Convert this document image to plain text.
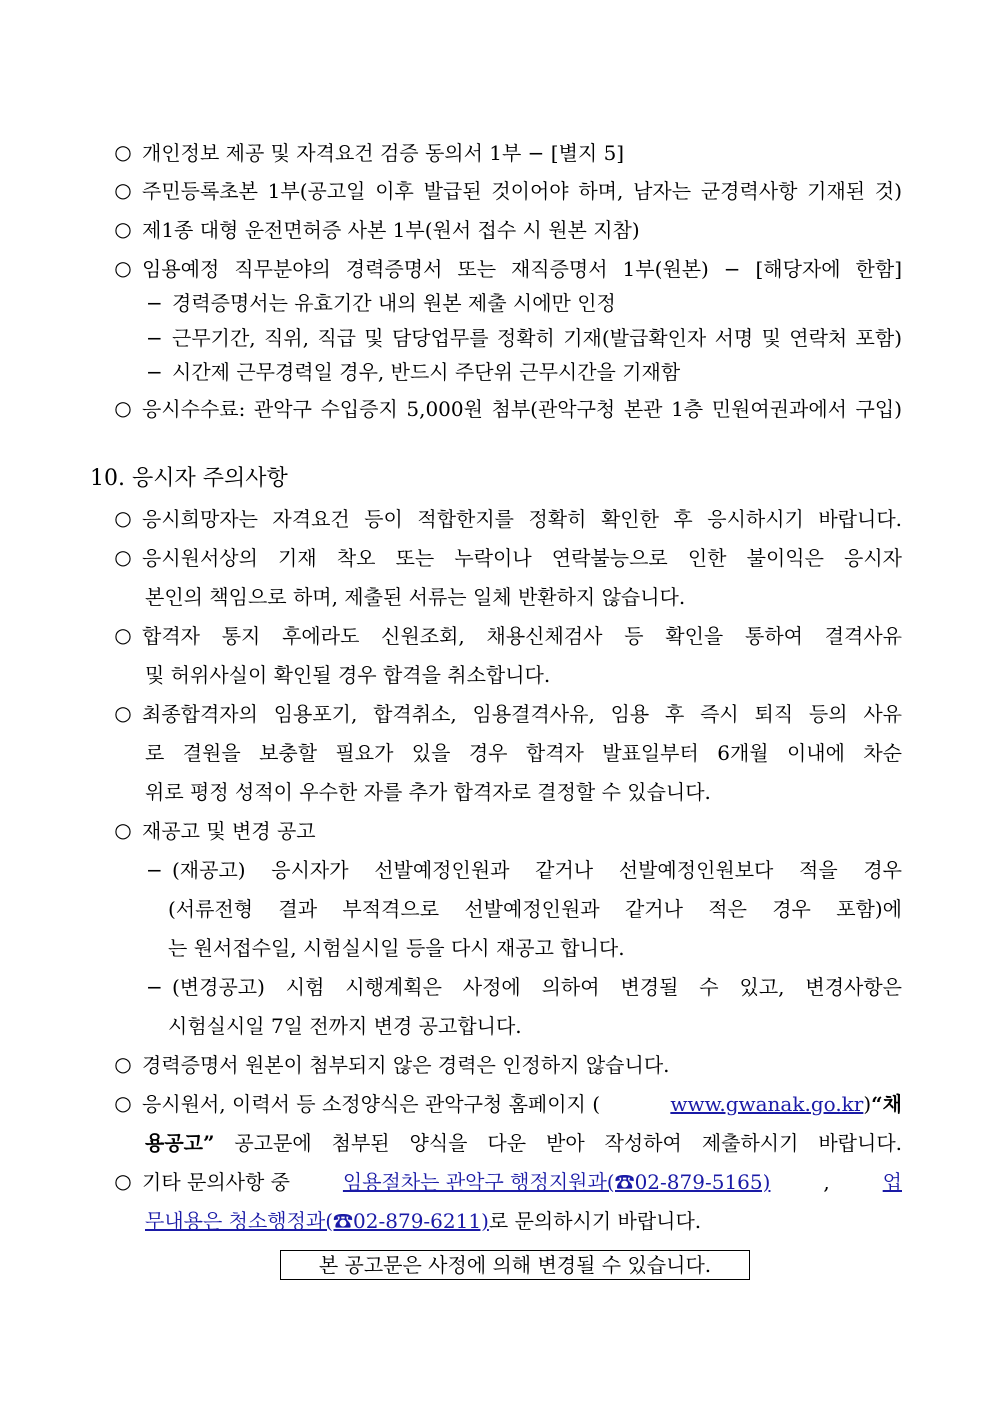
○ 개인정보 제공 및 자격요건 검증 동의서 1부 − [별지 5]
○ 주민등록초본 1부(공고일 이후 발급된 것이어야 하며, 남자는 군경력사항 기재된 것)
○ 제1종 대형 운전면허증 사본 1부(원서 접수 시 원본 지참)
○ 임용예정 직무분야의 경력증명서 또는 재직증명서 1부(원본) − [해당자에 한함]
− 경력증명서는 유효기간 내의 원본 제출 시에만 인정
− 근무기간, 직위, 직급 및 담당업무를 정확히 기재(발급확인자 서명 및 연락처 포함)
− 시간제 근무경력일 경우, 반드시 주단위 근무시간을 기재함
○ 응시수수료: 관악구 수입증지 5,000원 첨부(관악구청 본관 1층 민원여권과에서 구입)
10. 응시자 주의사항
○ 응시희망자는 자격요건 등이 적합한지를 정확히 확인한 후 응시하시기 바랍니다.
○ 응시원서상의 기재 착오 또는 누락이나 연락불능으로 인한 불이익은 응시자
본인의 책임으로 하며, 제출된 서류는 일체 반환하지 않습니다.
○ 합격자 통지 후에라도 신원조회, 채용신체검사 등 확인을 통하여 결격사유
및 허위사실이 확인될 경우 합격을 취소합니다.
○ 최종합격자의 임용포기, 합격취소, 임용결격사유, 임용 후 즉시 퇴직 등의 사유
로 결원을 보충할 필요가 있을 경우 합격자 발표일부터 6개월 이내에 차순
위로 평정 성적이 우수한 자를 추가 합격자로 결정할 수 있습니다.
○ 재공고 및 변경 공고
− (재공고) 응시자가 선발예정인원과 같거나 선발예정인원보다 적을 경우
(서류전형 결과 부적격으로 선발예정인원과 같거나 적은 경우 포함)에
는 원서접수일, 시험실시일 등을 다시 재공고 합니다.
− (변경공고) 시험 시행계획은 사정에 의하여 변경될 수 있고, 변경사항은
시험실시일 7일 전까지 변경 공고합니다.
○ 경력증명서 원본이 첨부되지 않은 경력은 인정하지 않습니다.
○ 응시원서, 이력서 등 소정양식은 관악구청 홈페이지 (	www.gwanak.go.kr ) “채
용공고” 공고문에 첨부된 양식을 다운 받아 작성하여 제출하시기 바랍니다.
○ 기타 문의사항 중	임용절차는 관악구 행정지원과(☎02-879-5165)	,	업
무내용은 청소행정과(☎02-879-6211)로 문의하시기 바랍니다.
본 공고문은 사정에 의해 변경될 수 있습니다.
